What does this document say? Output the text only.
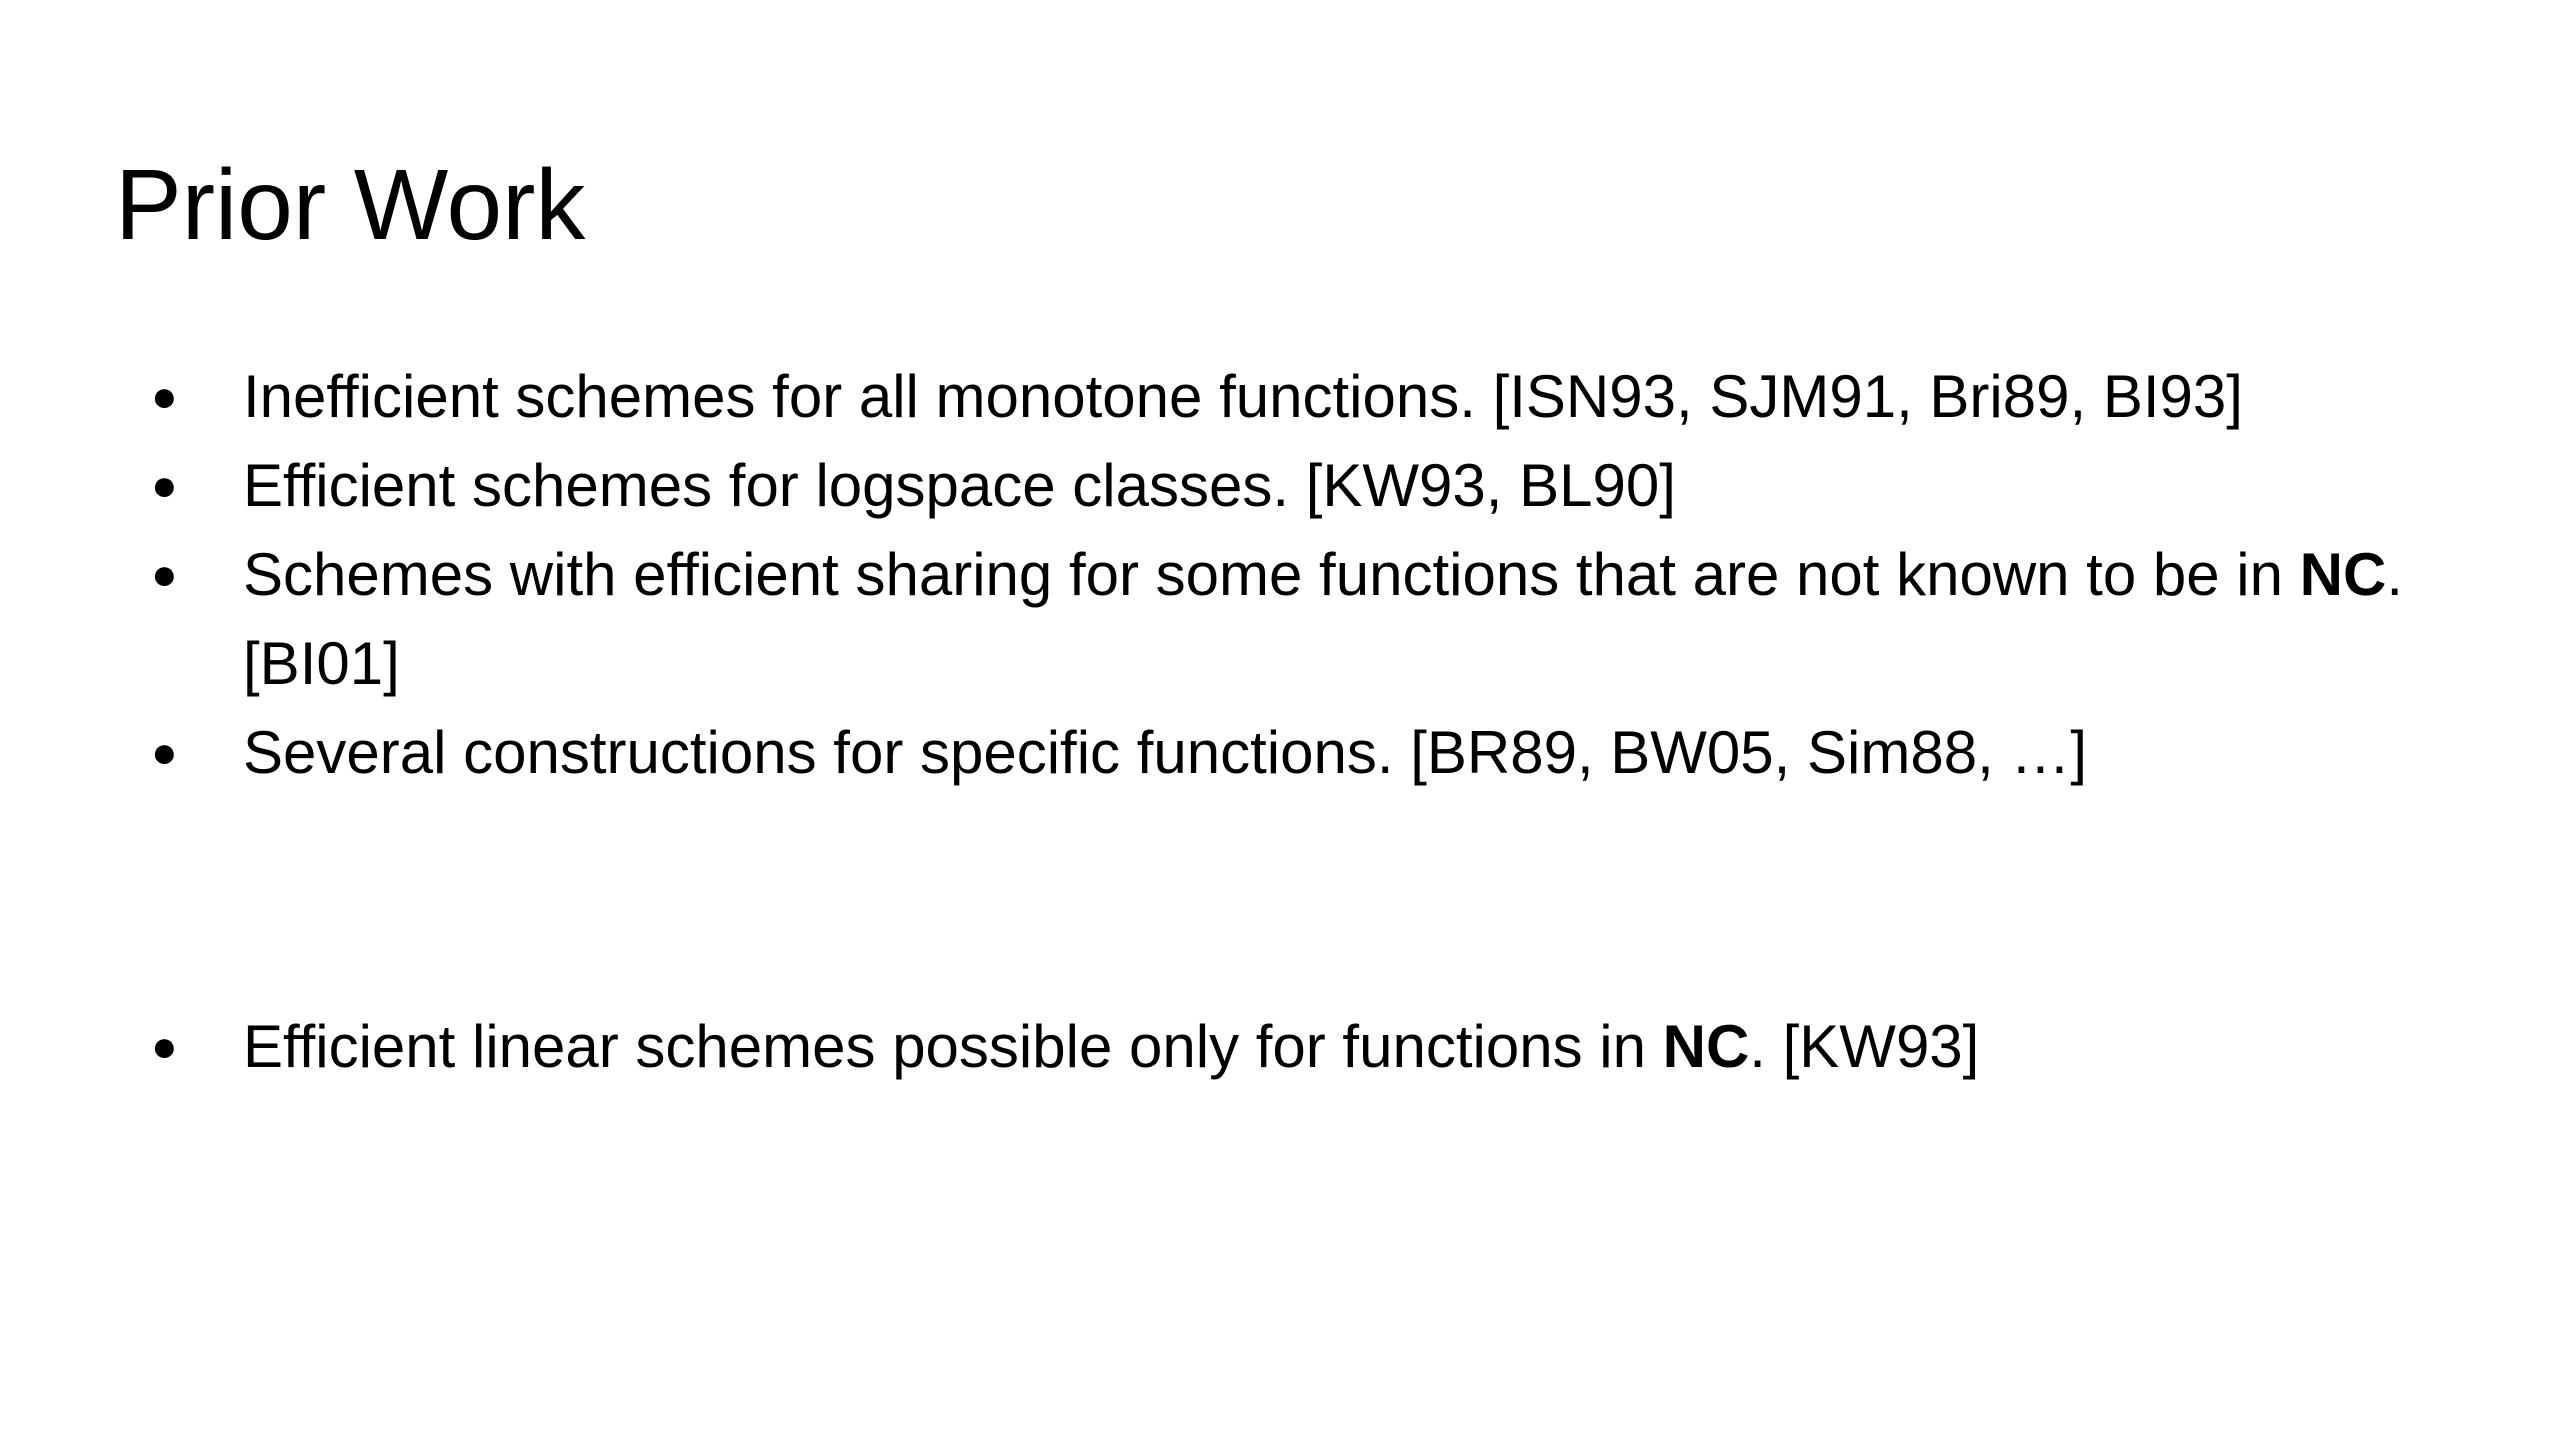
Prior Work
● Inefficient schemes for all monotone functions. [ISN93, SJM91, Bri89, BI93]
● Efficient schemes for logspace classes. [KW93, BL90]
● Schemes with efficient sharing for some functions that are not known to be in NC. [BI01]
● Several constructions for specific functions. [BR89, BW05, Sim88, …]
● Efficient linear schemes possible only for functions in NC. [KW93]
